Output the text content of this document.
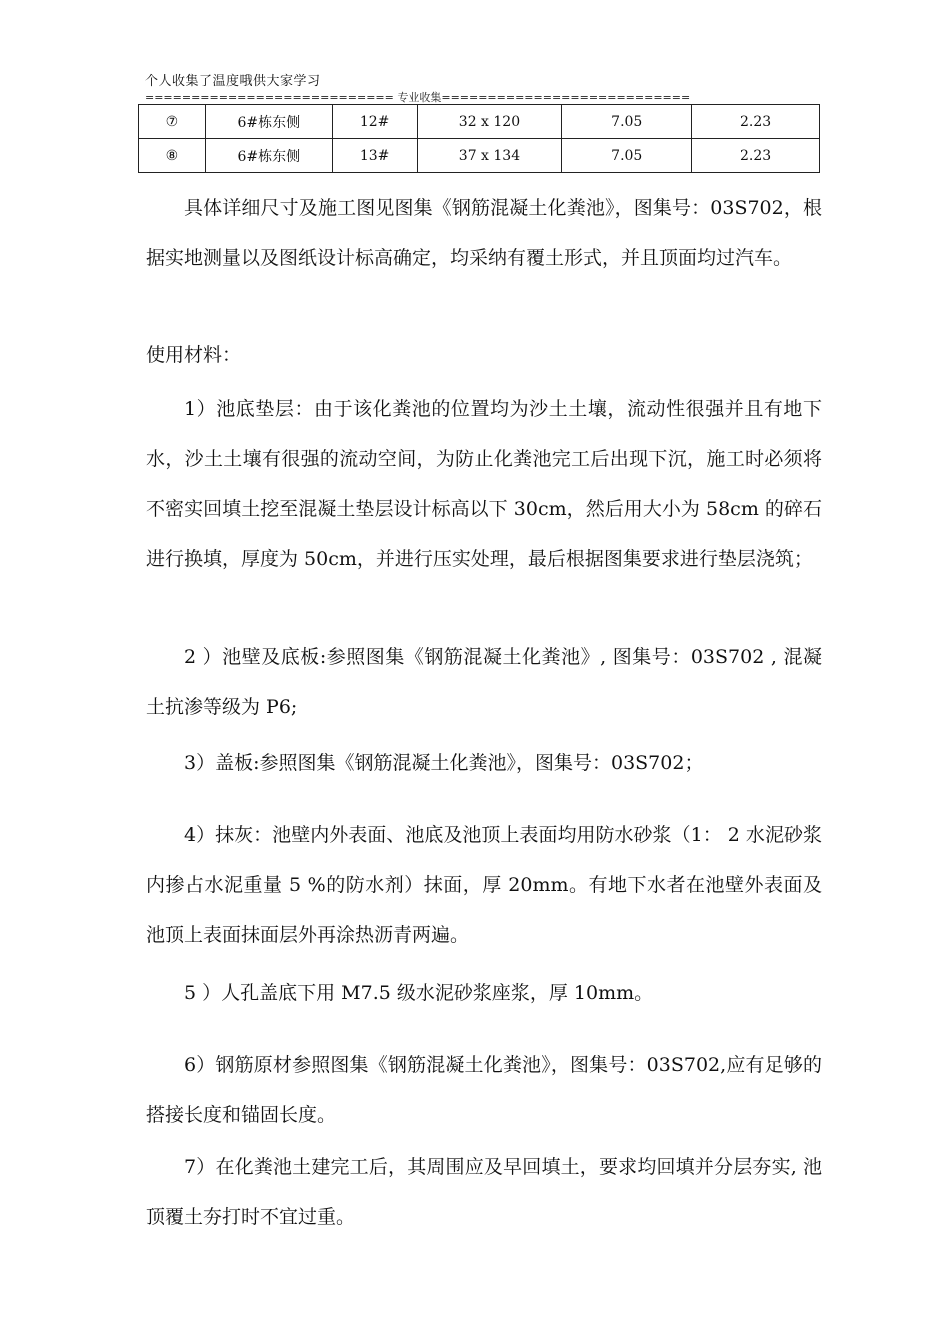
个人收集了温度哦供大家学习
=========================== 专业收集===========================
⑦	6#栋东侧	12#	32 x 120	7.05	2.23
⑧	6#栋东侧	13#	37 x 134	7.05	2.23

具体详细尺寸及施工图见图集《钢筋混凝土化粪池》，图集号：03S702，根据实地测量以及图纸设计标高确定，均采纳有覆土形式，并且顶面均过汽车。

使用材料：

1）池底垫层：由于该化粪池的位置均为沙土土壤，流动性很强并且有地下水，沙土土壤有很强的流动空间，为防止化粪池完工后出现下沉，施工时必须将不密实回填土挖至混凝土垫层设计标高以下 30cm，然后用大小为 58cm 的碎石进行换填，厚度为 50cm，并进行压实处理，最后根据图集要求进行垫层浇筑；

2 ）池壁及底板:参照图集《钢筋混凝土化粪池》, 图集号：03S702 , 混凝土抗渗等级为 P6;

3）盖板:参照图集《钢筋混凝土化粪池》，图集号：03S702；

4）抹灰：池壁内外表面、池底及池顶上表面均用防水砂浆（1： 2 水泥砂浆内掺占水泥重量 5 %的防水剂）抹面，厚 20mm。有地下水者在池壁外表面及池顶上表面抹面层外再涂热沥青两遍。

5 ）人孔盖底下用 M7.5 级水泥砂浆座浆，厚 10mm。

6）钢筋原材参照图集《钢筋混凝土化粪池》，图集号：03S702,应有足够的搭接长度和锚固长度。

7）在化粪池土建完工后，其周围应及早回填土，要求均回填并分层夯实, 池顶覆土夯打时不宜过重。
